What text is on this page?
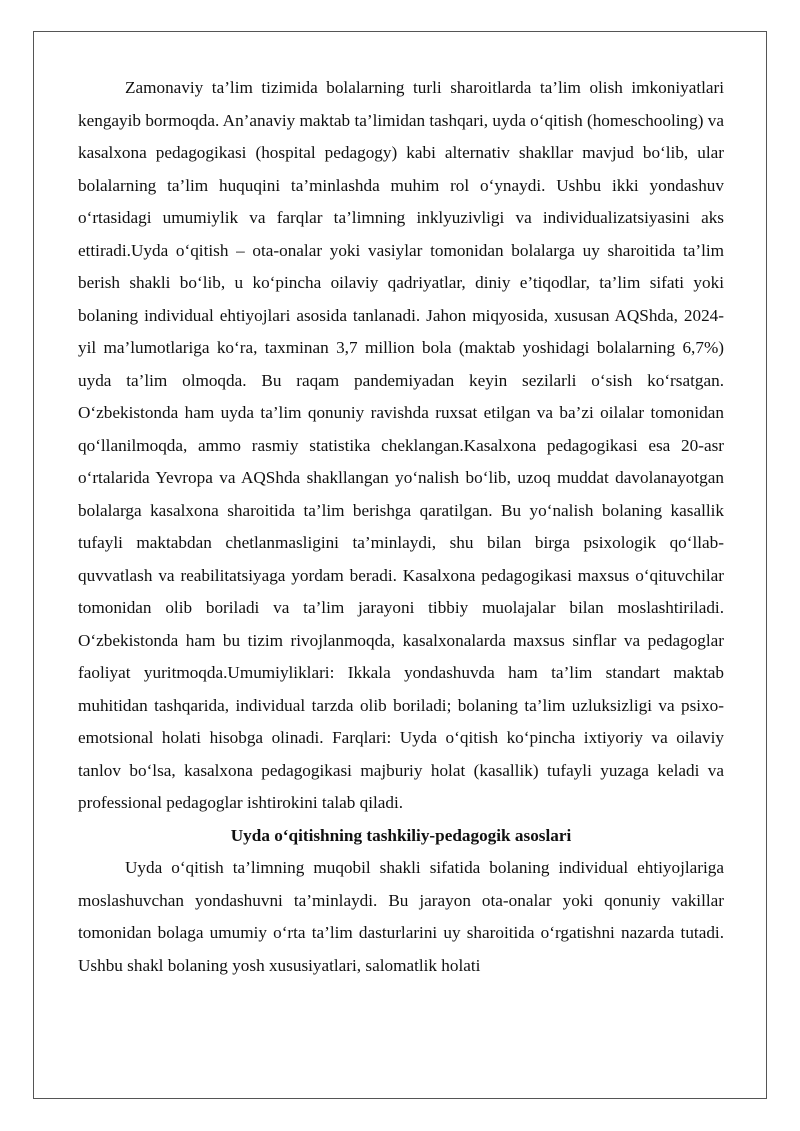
Zamonaviy ta’lim tizimida bolalarning turli sharoitlarda ta’lim olish imkoniyatlari kengayib bormoqda. An’anaviy maktab ta’limidan tashqari, uyda o‘qitish (homeschooling) va kasalxona pedagogikasi (hospital pedagogy) kabi alternativ shakllar mavjud bo‘lib, ular bolalarning ta’lim huquqini ta’minlashda muhim rol o‘ynaydi. Ushbu ikki yondashuv o‘rtasidagi umumiylik va farqlar ta’limning inklyuzivligi va individualizatsiyasini aks ettiradi.Uyda o‘qitish – ota-onalar yoki vasiylar tomonidan bolalarga uy sharoitida ta’lim berish shakli bo‘lib, u ko‘pincha oilaviy qadriyatlar, diniy e’tiqodlar, ta’lim sifati yoki bolaning individual ehtiyojlari asosida tanlanadi. Jahon miqyosida, xususan AQShda, 2024-yil ma’lumotlariga ko‘ra, taxminan 3,7 million bola (maktab yoshidagi bolalarning 6,7%) uyda ta’lim olmoqda. Bu raqam pandemiyadan keyin sezilarli o‘sish ko‘rsatgan. O‘zbekistonda ham uyda ta’lim qonuniy ravishda ruxsat etilgan va ba’zi oilalar tomonidan qo‘llanilmoqda, ammo rasmiy statistika cheklangan.Kasalxona pedagogikasi esa 20-asr o‘rtalarida Yevropa va AQShda shakllangan yo‘nalish bo‘lib, uzoq muddat davolanayotgan bolalarga kasalxona sharoitida ta’lim berishga qaratilgan. Bu yo‘nalish bolaning kasallik tufayli maktabdan chetlanmasligini ta’minlaydi, shu bilan birga psixologik qo‘llab-quvvatlash va reabilitatsiyaga yordam beradi. Kasalxona pedagogikasi maxsus o‘qituvchilar tomonidan olib boriladi va ta’lim jarayoni tibbiy muolajalar bilan moslashtiriladi. O‘zbekistonda ham bu tizim rivojlanmoqda, kasalxonalarda maxsus sinflar va pedagoglar faoliyat yuritmoqda.Umumiyliklari: Ikkala yondashuvda ham ta’lim standart maktab muhitidan tashqarida, individual tarzda olib boriladi; bolaning ta’lim uzluksizligi va psixo-emotsional holati hisobga olinadi. Farqlari: Uyda o‘qitish ko‘pincha ixtiyoriy va oilaviy tanlov bo‘lsa, kasalxona pedagogikasi majburiy holat (kasallik) tufayli yuzaga keladi va professional pedagoglar ishtirokini talab qiladi.

Uyda o‘qitishning tashkiliy-pedagogik asoslari

Uyda o‘qitish ta’limning muqobil shakli sifatida bolaning individual ehtiyojlariga moslashuvchan yondashuvni ta’minlaydi. Bu jarayon ota-onalar yoki qonuniy vakillar tomonidan bolaga umumiy o‘rta ta’lim dasturlarini uy sharoitida o‘rgatishni nazarda tutadi. Ushbu shakl bolaning yosh xususiyatlari, salomatlik holati
